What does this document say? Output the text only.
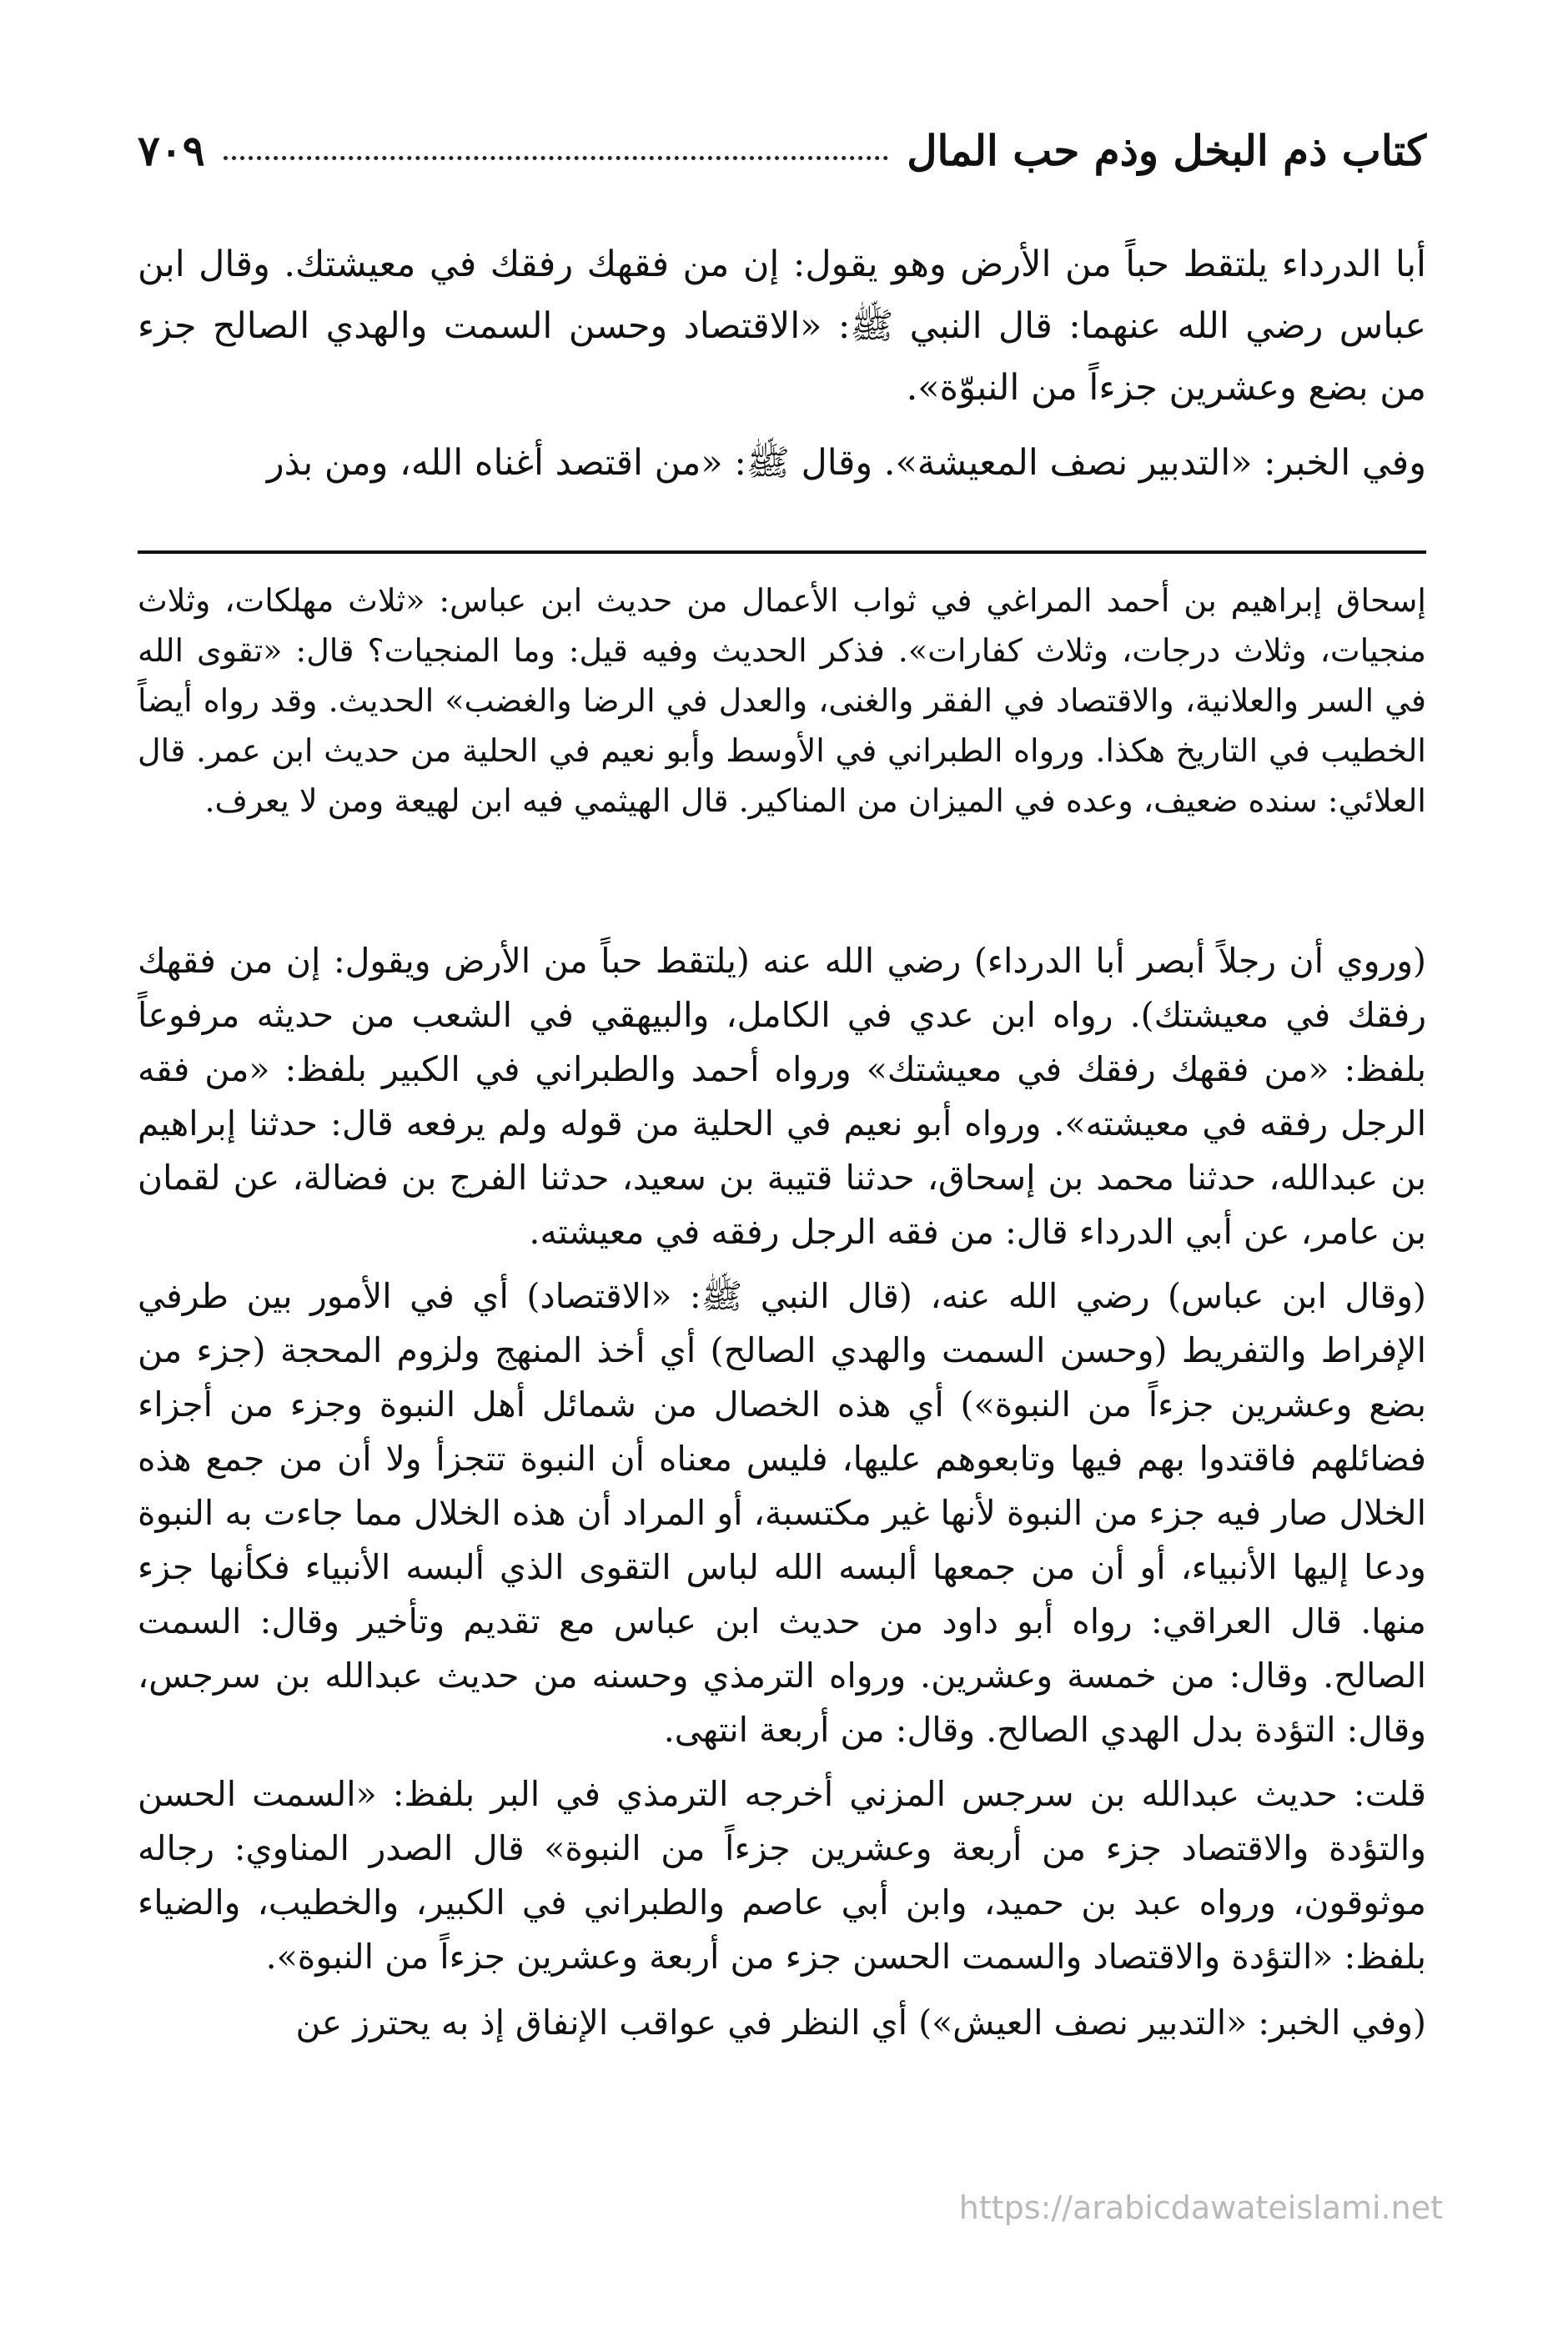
كتاب ذم البخل وذم حب المال
٧٠٩

أبا الدرداء يلتقط حباً من الأرض وهو يقول: إن من فقهك رفقك في معيشتك. وقال ابن عباس رضي الله عنهما: قال النبي ﷺ: «الاقتصاد وحسن السمت والهدي الصالح جزء من بضع وعشرين جزءاً من النبوّة».

وفي الخبر: «التدبير نصف المعيشة». وقال ﷺ: «من اقتصد أغناه الله، ومن بذر

إسحاق إبراهيم بن أحمد المراغي في ثواب الأعمال من حديث ابن عباس: «ثلاث مهلكات، وثلاث منجيات، وثلاث درجات، وثلاث كفارات». فذكر الحديث وفيه قيل: وما المنجيات؟ قال: «تقوى الله في السر والعلانية، والاقتصاد في الفقر والغنى، والعدل في الرضا والغضب» الحديث. وقد رواه أيضاً الخطيب في التاريخ هكذا. ورواه الطبراني في الأوسط وأبو نعيم في الحلية من حديث ابن عمر. قال العلائي: سنده ضعيف، وعده في الميزان من المناكير. قال الهيثمي فيه ابن لهيعة ومن لا يعرف.

(وروي أن رجلاً أبصر أبا الدرداء) رضي الله عنه (يلتقط حباً من الأرض ويقول: إن من فقهك رفقك في معيشتك). رواه ابن عدي في الكامل، والبيهقي في الشعب من حديثه مرفوعاً بلفظ: «من فقهك رفقك في معيشتك» ورواه أحمد والطبراني في الكبير بلفظ: «من فقه الرجل رفقه في معيشته». ورواه أبو نعيم في الحلية من قوله ولم يرفعه قال: حدثنا إبراهيم بن عبدالله، حدثنا محمد بن إسحاق، حدثنا قتيبة بن سعيد، حدثنا الفرج بن فضالة، عن لقمان بن عامر، عن أبي الدرداء قال: من فقه الرجل رفقه في معيشته.

(وقال ابن عباس) رضي الله عنه، (قال النبي ﷺ: «الاقتصاد) أي في الأمور بين طرفي الإفراط والتفريط (وحسن السمت والهدي الصالح) أي أخذ المنهج ولزوم المحجة (جزء من بضع وعشرين جزءاً من النبوة») أي هذه الخصال من شمائل أهل النبوة وجزء من أجزاء فضائلهم فاقتدوا بهم فيها وتابعوهم عليها، فليس معناه أن النبوة تتجزأ ولا أن من جمع هذه الخلال صار فيه جزء من النبوة لأنها غير مكتسبة، أو المراد أن هذه الخلال مما جاءت به النبوة ودعا إليها الأنبياء، أو أن من جمعها ألبسه الله لباس التقوى الذي ألبسه الأنبياء فكأنها جزء منها. قال العراقي: رواه أبو داود من حديث ابن عباس مع تقديم وتأخير وقال: السمت الصالح. وقال: من خمسة وعشرين. ورواه الترمذي وحسنه من حديث عبدالله بن سرجس، وقال: التؤدة بدل الهدي الصالح. وقال: من أربعة انتهى.

قلت: حديث عبدالله بن سرجس المزني أخرجه الترمذي في البر بلفظ: «السمت الحسن والتؤدة والاقتصاد جزء من أربعة وعشرين جزءاً من النبوة» قال الصدر المناوي: رجاله موثوقون، ورواه عبد بن حميد، وابن أبي عاصم والطبراني في الكبير، والخطيب، والضياء بلفظ: «التؤدة والاقتصاد والسمت الحسن جزء من أربعة وعشرين جزءاً من النبوة».

(وفي الخبر: «التدبير نصف العيش») أي النظر في عواقب الإنفاق إذ به يحترز عن

https://arabicdawateislami.net
